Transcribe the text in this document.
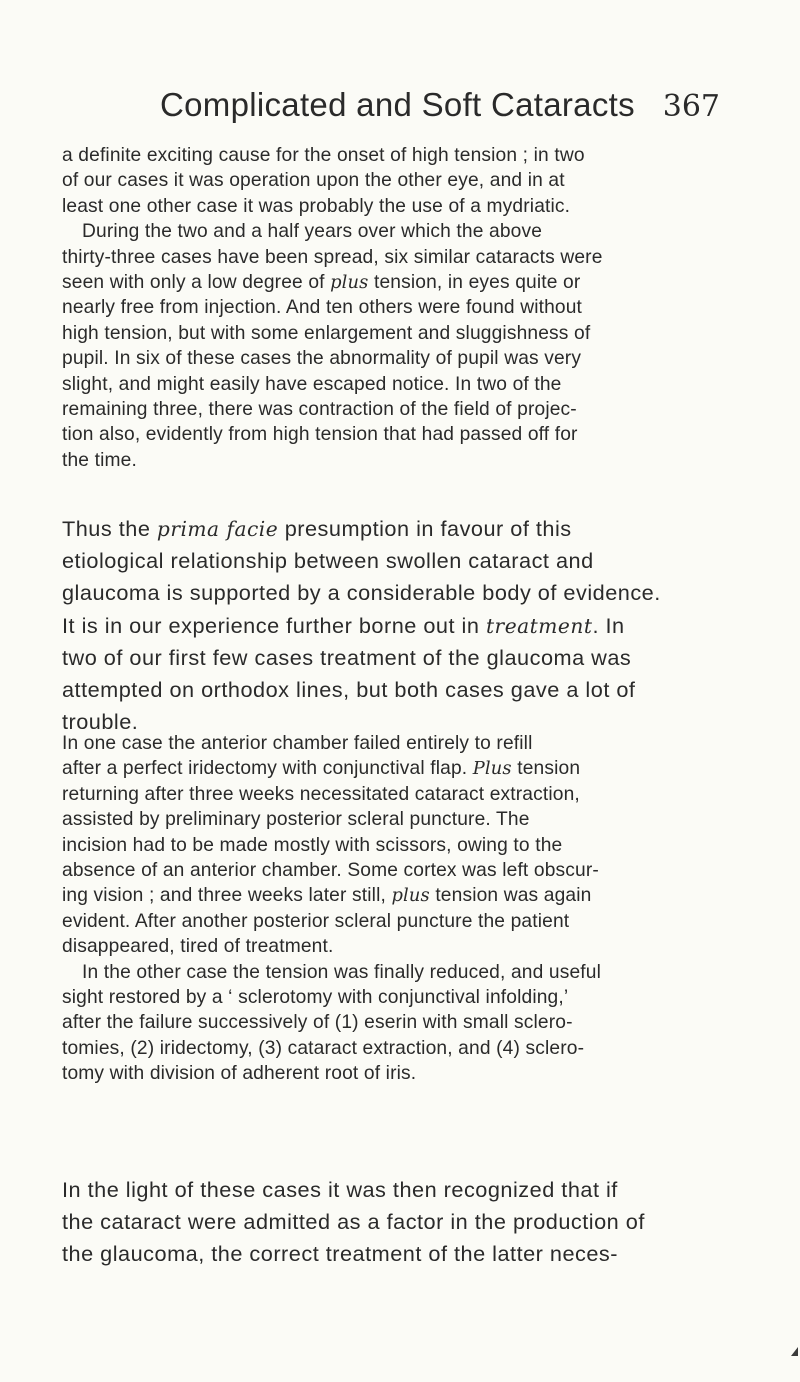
Complicated and Soft Cataracts 367
a definite exciting cause for the onset of high tension ; in two
of our cases it was operation upon the other eye, and in at
least one other case it was probably the use of a mydriatic.
During the two and a half years over which the above
thirty-three cases have been spread, six similar cataracts were
seen with only a low degree of plus tension, in eyes quite or
nearly free from injection. And ten others were found without
high tension, but with some enlargement and sluggishness of
pupil. In six of these cases the abnormality of pupil was very
slight, and might easily have escaped notice. In two of the
remaining three, there was contraction of the field of projec-
tion also, evidently from high tension that had passed off for
the time.
Thus the prima facie presumption in favour of this
etiological relationship between swollen cataract and
glaucoma is supported by a considerable body of evidence.
It is in our experience further borne out in treatment. In
two of our first few cases treatment of the glaucoma was
attempted on orthodox lines, but both cases gave a lot of
trouble.
In one case the anterior chamber failed entirely to refill
after a perfect iridectomy with conjunctival flap. Plus tension
returning after three weeks necessitated cataract extraction,
assisted by preliminary posterior scleral puncture. The
incision had to be made mostly with scissors, owing to the
absence of an anterior chamber. Some cortex was left obscur-
ing vision ; and three weeks later still, plus tension was again
evident. After another posterior scleral puncture the patient
disappeared, tired of treatment.
In the other case the tension was finally reduced, and useful
sight restored by a ‘ sclerotomy with conjunctival infolding,’
after the failure successively of (1) eserin with small sclero-
tomies, (2) iridectomy, (3) cataract extraction, and (4) sclero-
tomy with division of adherent root of iris.
In the light of these cases it was then recognized that if
the cataract were admitted as a factor in the production of
the glaucoma, the correct treatment of the latter neces-
